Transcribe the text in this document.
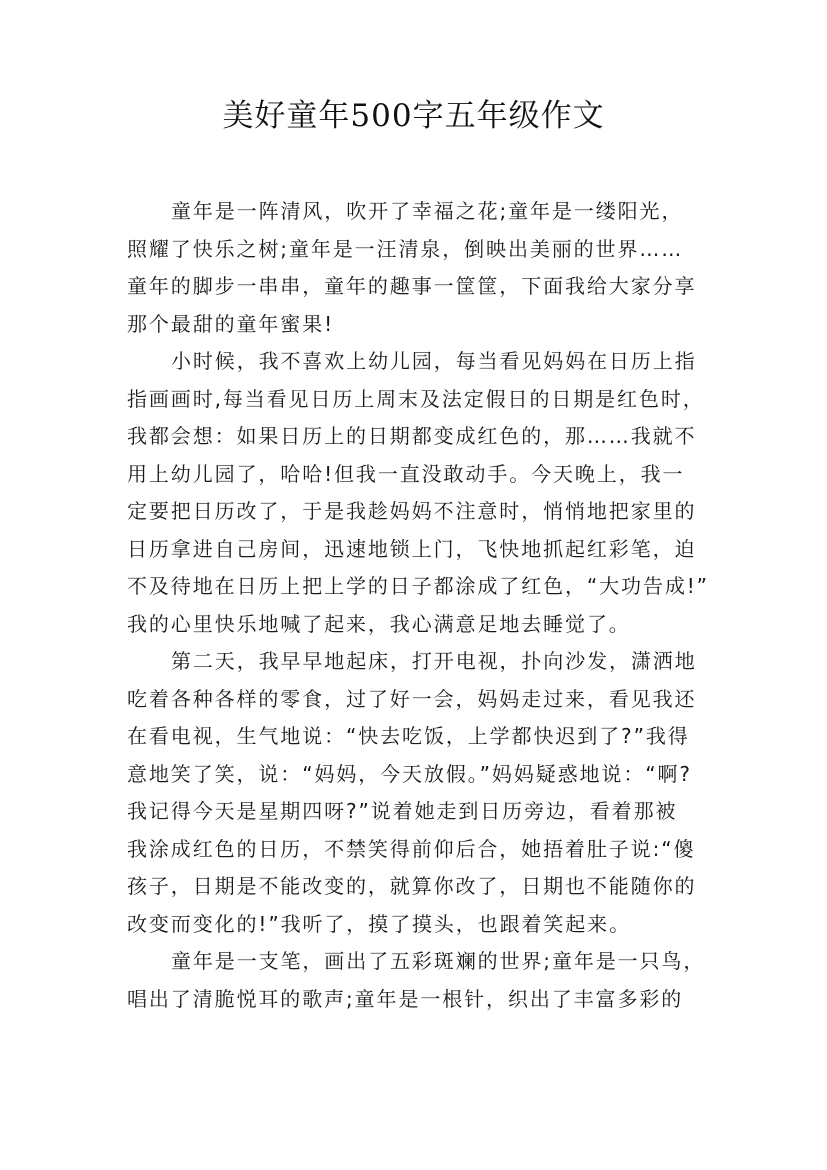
美好童年500字五年级作文
童年是一阵清风，吹开了幸福之花;童年是一缕阳光，
照耀了快乐之树;童年是一汪清泉，倒映出美丽的世界……
童年的脚步一串串，童年的趣事一筐筐，下面我给大家分享
那个最甜的童年蜜果!
小时候，我不喜欢上幼儿园，每当看见妈妈在日历上指
指画画时,每当看见日历上周末及法定假日的日期是红色时，
我都会想：如果日历上的日期都变成红色的，那……我就不
用上幼儿园了，哈哈!但我一直没敢动手。今天晚上，我一
定要把日历改了，于是我趁妈妈不注意时，悄悄地把家里的
日历拿进自己房间，迅速地锁上门，飞快地抓起红彩笔，迫
不及待地在日历上把上学的日子都涂成了红色，“大功告成!”
我的心里快乐地喊了起来，我心满意足地去睡觉了。
第二天，我早早地起床，打开电视，扑向沙发，潇洒地
吃着各种各样的零食，过了好一会，妈妈走过来，看见我还
在看电视，生气地说：“快去吃饭，上学都快迟到了?”我得
意地笑了笑，说：“妈妈，今天放假。”妈妈疑惑地说：“啊?
我记得今天是星期四呀?”说着她走到日历旁边，看着那被
我涂成红色的日历，不禁笑得前仰后合，她捂着肚子说:“傻
孩子，日期是不能改变的，就算你改了，日期也不能随你的
改变而变化的!”我听了，摸了摸头，也跟着笑起来。
童年是一支笔，画出了五彩斑斓的世界;童年是一只鸟，
唱出了清脆悦耳的歌声;童年是一根针，织出了丰富多彩的
